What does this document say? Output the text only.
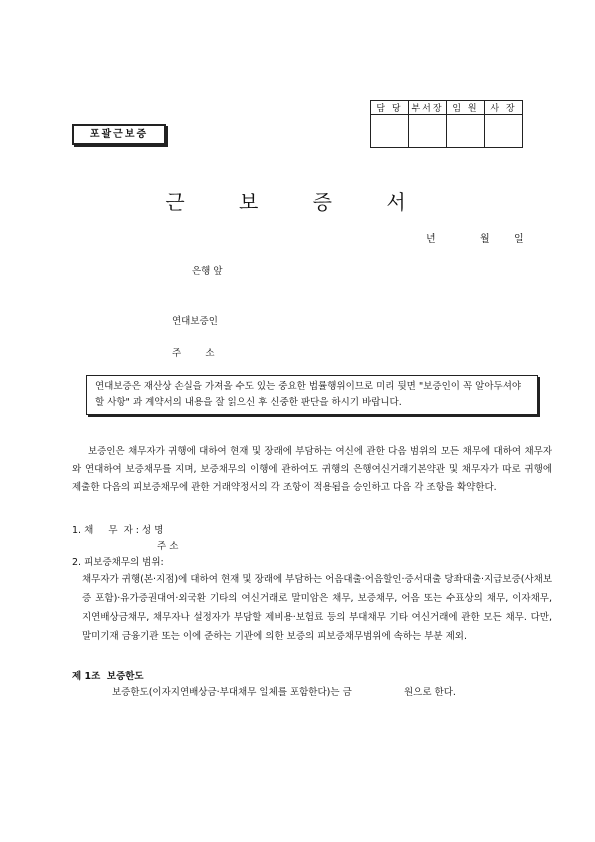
담 당	부서장	임 원	사 장

포괄근보증
근 보 증 서
년	월 일
은행 앞
연대보증인
주        소
연대보증은 재산상 손실을 가져올 수도 있는 중요한 법률행위이므로 미리 뒷면 "보증인이 꼭 알아두셔야 할 사항" 과 계약서의 내용을 잘 읽으신 후 신중한 판단을 하시기 바랍니다.
보증인은 채무자가 귀행에 대하여 현재 및 장래에 부담하는 여신에 관한 다음 범위의 모든 채무에 대하여 채무자와 연대하여 보증채무를 지며, 보증채무의 이행에 관하여도 귀행의 은행여신거래기본약관 및 채무자가 따로 귀행에 제출한 다음의 피보증채무에 관한 거래약정서의 각 조항이 적용됨을 승인하고 다음 각 조항을 확약한다.
1. 채     무  자 : 성 명
주 소
2. 피보증채무의 범위:
채무자가 귀행(본·지점)에 대하여 현재 및 장래에 부담하는 어음대출·어음할인·증서대출 당좌대출·지급보증(사채보증 포함)·유가증권대여·외국환 기타의 여신거래로 말미암은 채무, 보증채무, 어음 또는 수표상의 채무, 이자채무, 지연배상금채무, 채무자나 설정자가 부담할 제비용·보험료 등의 부대채무 기타 여신거래에 관한 모든 채무. 다만, 말미기재 금융기관 또는 이에 준하는 기관에 의한 보증의 피보증채무범위에 속하는 부분 제외.
제 1조  보증한도
보증한도(이자지연배상금·부대채무 일체를 포함한다)는 금	원으로 한다.
